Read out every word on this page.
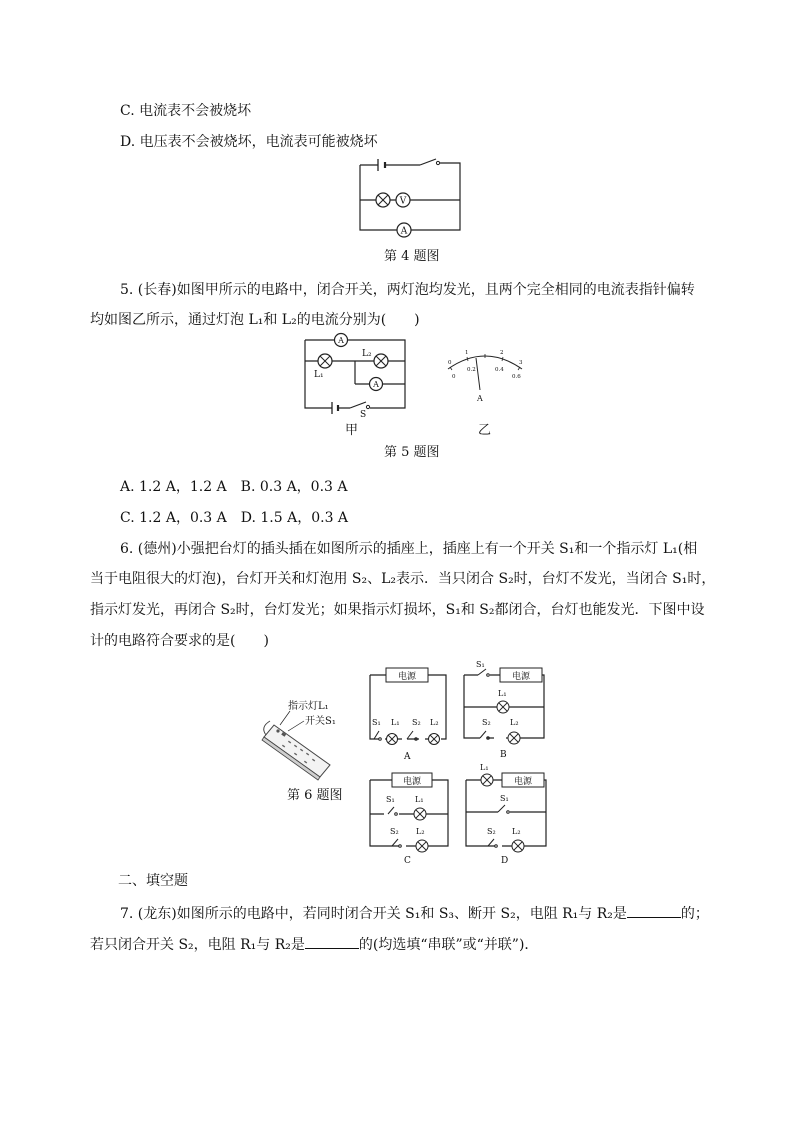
C. 电流表不会被烧坏
D. 电压表不会被烧坏，电流表可能被烧坏
V
A
第 4 题图
5. (长春)如图甲所示的电路中，闭合开关，两灯泡均发光，且两个完全相同的电流表指针偏转
均如图乙所示，通过灯泡 L₁和 L₂的电流分别为(　　)
A
L₁
L₂
A
S
0
1	2
3
0
0.2	0.4
0.6
A
甲	乙
第 5 题图
A. 1.2 A，1.2 A　B. 0.3 A，0.3 A
C. 1.2 A，0.3 A　D. 1.5 A，0.3 A
6. (德州)小强把台灯的插头插在如图所示的插座上，插座上有一个开关 S₁和一个指示灯 L₁(相
当于电阻很大的灯泡)，台灯开关和灯泡用 S₂、L₂表示．当只闭合 S₂时，台灯不发光，当闭合 S₁时，
指示灯发光，再闭合 S₂时，台灯发光；如果指示灯损坏，S₁和 S₂都闭合，台灯也能发光．下图中设
计的电路符合要求的是(　　)
指示灯L₁
开关S₁
第 6 题图
电源
S₁ L₁ S₂ L₂
A
S₁
电源
L₁
S₂ L₂
B
电源
S₁	L₁
S₂ L₂
C
L₁
电源
S₁
S₂ L₂
D
二、填空题
7. (龙东)如图所示的电路中，若同时闭合开关 S₁和 S₃、断开 S₂，电阻 R₁与 R₂是	的；
若只闭合开关 S₂，电阻 R₁与 R₂是	的(均选填“串联”或“并联”)．
